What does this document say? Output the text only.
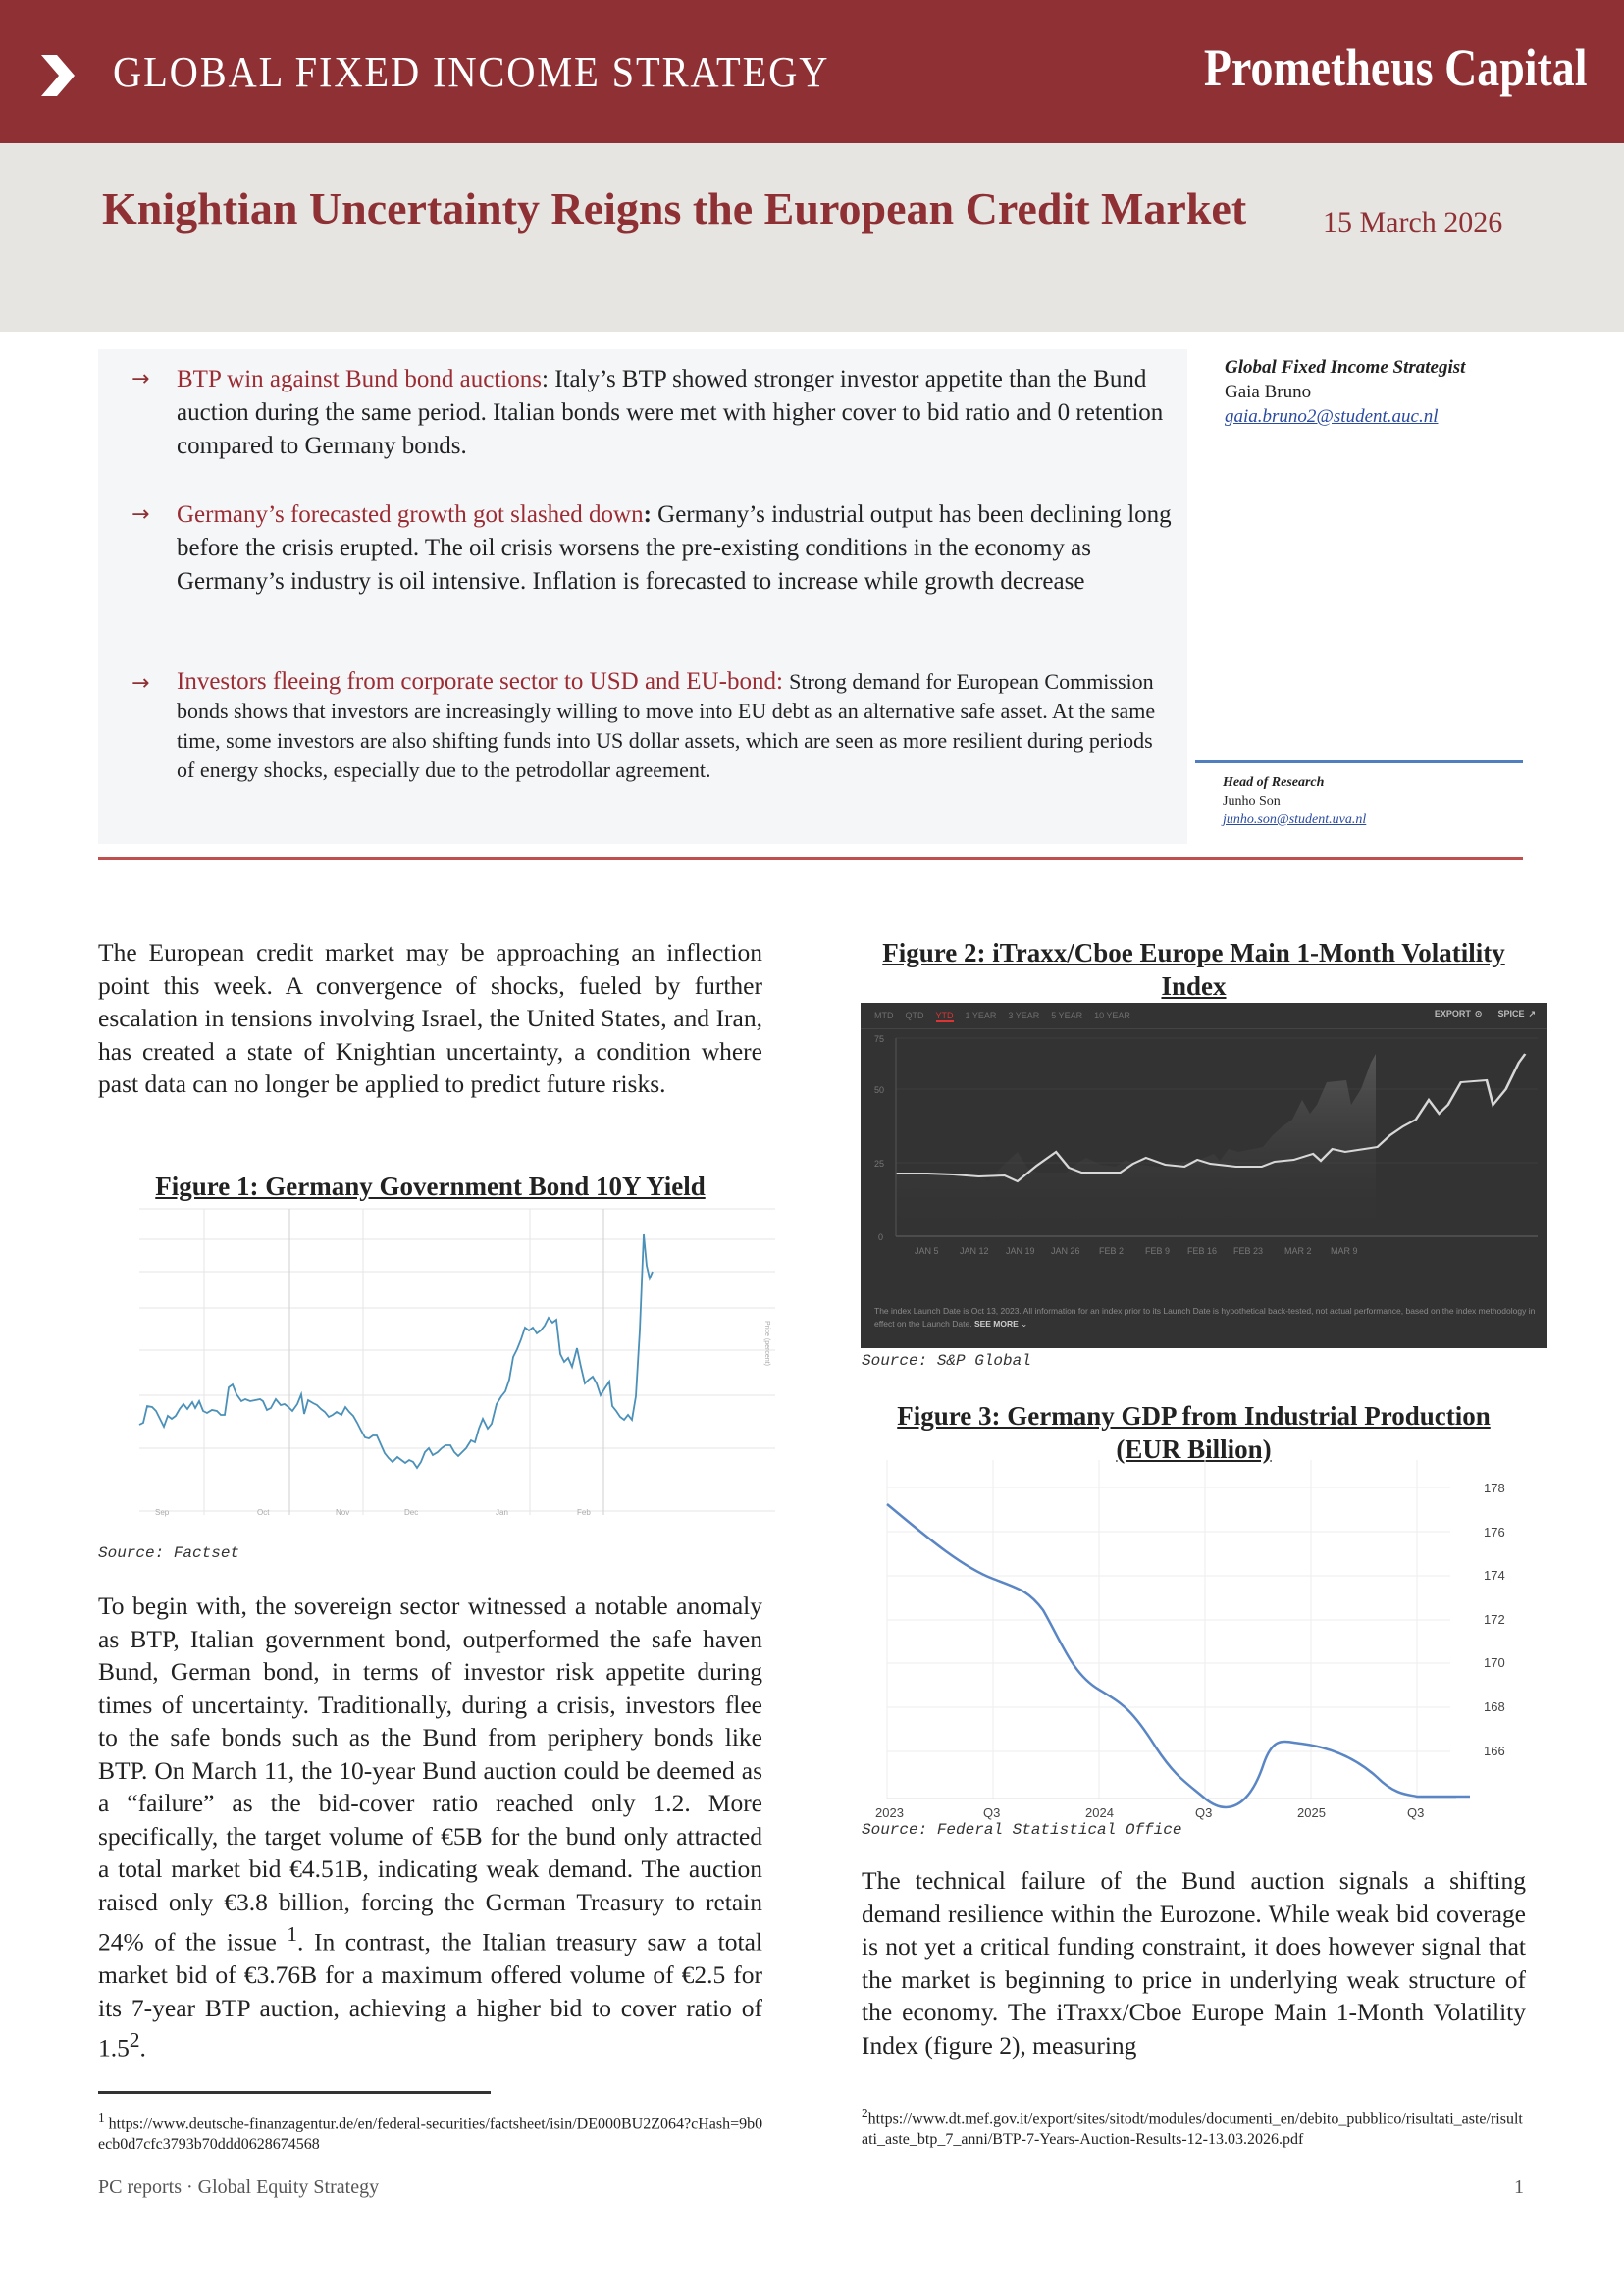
GLOBAL FIXED INCOME STRATEGY	Prometheus Capital
Knightian Uncertainty Reigns the European Credit Market	15 March 2026
→ BTP win against Bund bond auctions: Italy’s BTP showed stronger investor appetite than the Bund auction during the same period. Italian bonds were met with higher cover to bid ratio and 0 retention compared to Germany bonds.
→ Germany’s forecasted growth got slashed down: Germany’s industrial output has been declining long before the crisis erupted. The oil crisis worsens the pre-existing conditions in the economy as Germany’s industry is oil intensive. Inflation is forecasted to increase while growth decrease
→ Investors fleeing from corporate sector to USD and EU-bond: Strong demand for European Commission bonds shows that investors are increasingly willing to move into EU debt as an alternative safe asset. At the same time, some investors are also shifting funds into US dollar assets, which are seen as more resilient during periods of energy shocks, especially due to the petrodollar agreement.
Global Fixed Income Strategist
Gaia Bruno
gaia.bruno2@student.auc.nl
Head of Research
Junho Son
junho.son@student.uva.nl

The European credit market may be approaching an inflection point this week. A convergence of shocks, fueled by further escalation in tensions involving Israel, the United States, and Iran, has created a state of Knightian uncertainty, a condition where past data can no longer be applied to predict future risks.

Figure 1: Germany Government Bond 10Y Yield
Sep	Oct	Nov	Dec	Jan	Feb
Price (percent)
Source: Factset

To begin with, the sovereign sector witnessed a notable anomaly as BTP, Italian government bond, outperformed the safe haven Bund, German bond, in terms of investor risk appetite during times of uncertainty. Traditionally, during a crisis, investors flee to the safe bonds such as the Bund from periphery bonds like BTP. On March 11, the 10-year Bund auction could be deemed as a “failure” as the bid-cover ratio reached only 1.2. More specifically, the target volume of €5B for the bund only attracted a total market bid €4.51B, indicating weak demand. The auction raised only €3.8 billion, forcing the German Treasury to retain 24% of the issue $^1$. In contrast, the Italian treasury saw a total market bid of €3.76B for a maximum offered volume of €2.5 for its 7-year BTP auction, achieving a higher bid to cover ratio of $1.5^2$.

Figure 2: iTraxx/Cboe Europe Main 1-Month Volatility Index
MTD QTD YTD 1 YEAR 3 YEAR 5 YEAR 10 YEAR	EXPORT ⊙ SPICE ↗
75
50
25
0
JAN 5 JAN 12 JAN 19 JAN 26 FEB 2 FEB 9 FEB 16 FEB 23 MAR 2 MAR 9
The index Launch Date is Oct 13, 2023. All information for an index prior to its Launch Date is hypothetical back-tested, not actual performance, based on the index methodology in effect on the Launch Date. SEE MORE ⌄
Source: S&P Global
Figure 3: Germany GDP from Industrial Production (EUR Billion)
178
176
174
172
170
168
166
2023	Q3	2024	Q3	2025	Q3
Source: Federal Statistical Office

The technical failure of the Bund auction signals a shifting demand resilience within the Eurozone. While weak bid coverage is not yet a critical funding constraint, it does however signal that the market is beginning to price in underlying weak structure of the economy. The iTraxx/Cboe Europe Main 1-Month Volatility Index (figure 2), measuring

$^1$ https://www.deutsche-finanzagentur.de/en/federal-securities/factsheet/isin/DE000BU2Z064?cHash=9b0ecb0d7cfc3793b70ddd0628674568
$^2$https://www.dt.mef.gov.it/export/sites/sitodt/modules/documenti_en/debito_pubblico/risultati_aste/risultati_aste_btp_7_anni/BTP-7-Years-Auction-Results-12-13.03.2026.pdf
PC reports · Global Equity Strategy	1
